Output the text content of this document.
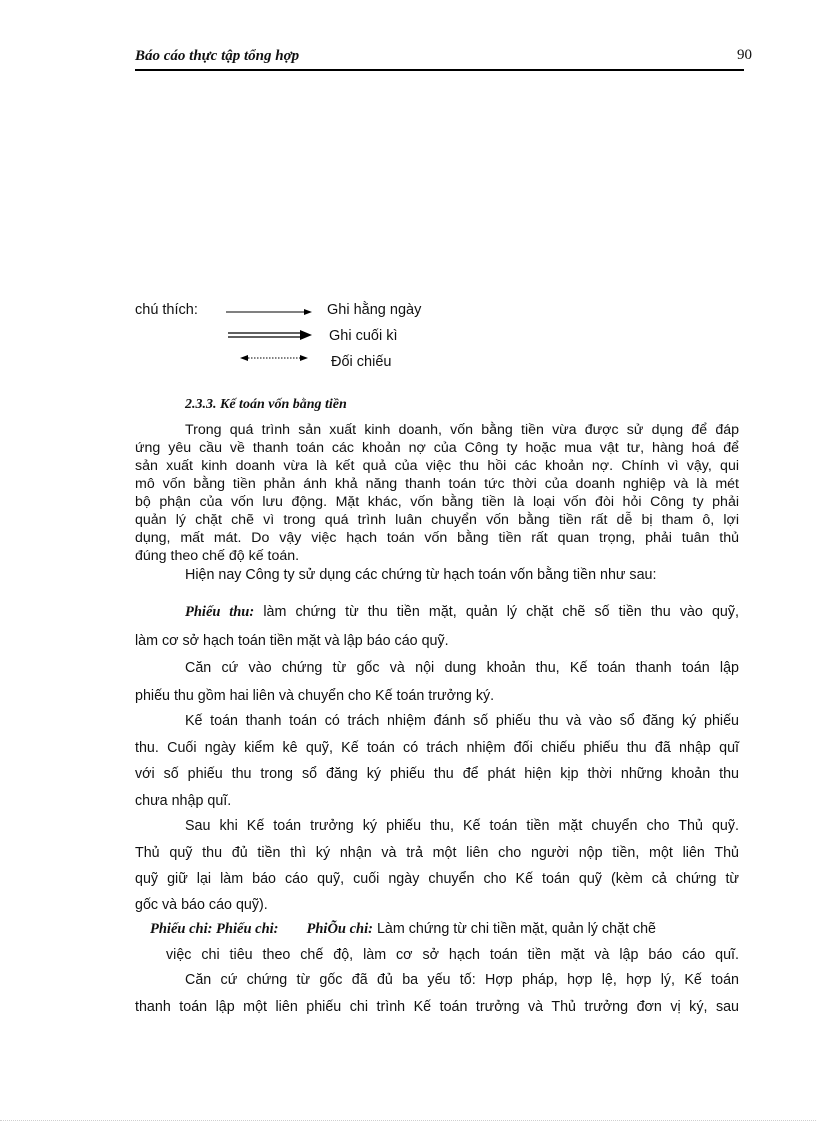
Báo cáo thực tập tổng hợp	90
chú thích:	Ghi hằng ngày
Ghi cuối kì
Đối chiếu
2.3.3. Kế toán vốn bằng tiền
Trong quá trình sản xuất kinh doanh, vốn bằng tiền vừa được sử dụng để đáp
ứng yêu cầu về thanh toán các khoản nợ của Công ty hoặc mua vật tư, hàng hoá để
sản xuất kinh doanh vừa là kết quả của việc thu hồi các khoản nợ. Chính vì vậy, qui
mô vốn bằng tiền phản ánh khả năng thanh toán tức thời của doanh nghiệp và là mét
bộ phận của vốn lưu động. Mặt khác, vốn bằng tiền là loại vốn đòi hỏi Công ty phải
quản lý chặt chẽ vì trong quá trình luân chuyển vốn bằng tiền rất dễ bị tham ô, lợi
dụng, mất mát. Do vậy việc hạch toán vốn bằng tiền rất quan trọng, phải tuân thủ
đúng theo chế độ kế toán.
Hiện nay Công ty sử dụng các chứng từ hạch toán vốn bằng tiền như sau:
Phiếu thu: làm chứng từ thu tiền mặt, quản lý chặt chẽ số tiền thu vào quỹ,
làm cơ sở hạch toán tiền mặt và lập báo cáo quỹ.
Căn cứ vào chứng từ gốc và nội dung khoản thu, Kế toán thanh toán lập
phiếu thu gồm hai liên và chuyển cho Kế toán trưởng ký.
Kế toán thanh toán có trách nhiệm đánh số phiếu thu và vào sổ đăng ký phiếu
thu. Cuối ngày kiểm kê quỹ, Kế toán có trách nhiệm đối chiếu phiếu thu đã nhập quĩ
với số phiếu thu trong sổ đăng ký phiếu thu để phát hiện kịp thời những khoản thu
chưa nhập quĩ.
Sau khi Kế toán trưởng ký phiếu thu, Kế toán tiền mặt chuyển cho Thủ quỹ.
Thủ quỹ thu đủ tiền thì ký nhận và trả một liên cho người nộp tiền, một liên Thủ
quỹ giữ lại làm báo cáo quỹ, cuối ngày chuyển cho Kế toán quỹ (kèm cả chứng từ
gốc và báo cáo quỹ).
Phiếu chi: Phiếu chi: PhiÕu chi: Làm chứng từ chi tiền mặt, quản lý chặt chẽ
việc chi tiêu theo chế độ, làm cơ sở hạch toán tiền mặt và lập báo cáo quĩ.
Căn cứ chứng từ gốc đã đủ ba yếu tố: Hợp pháp, hợp lệ, hợp lý, Kế toán
thanh toán lập một liên phiếu chi trình Kế toán trưởng và Thủ trưởng đơn vị ký, sau
